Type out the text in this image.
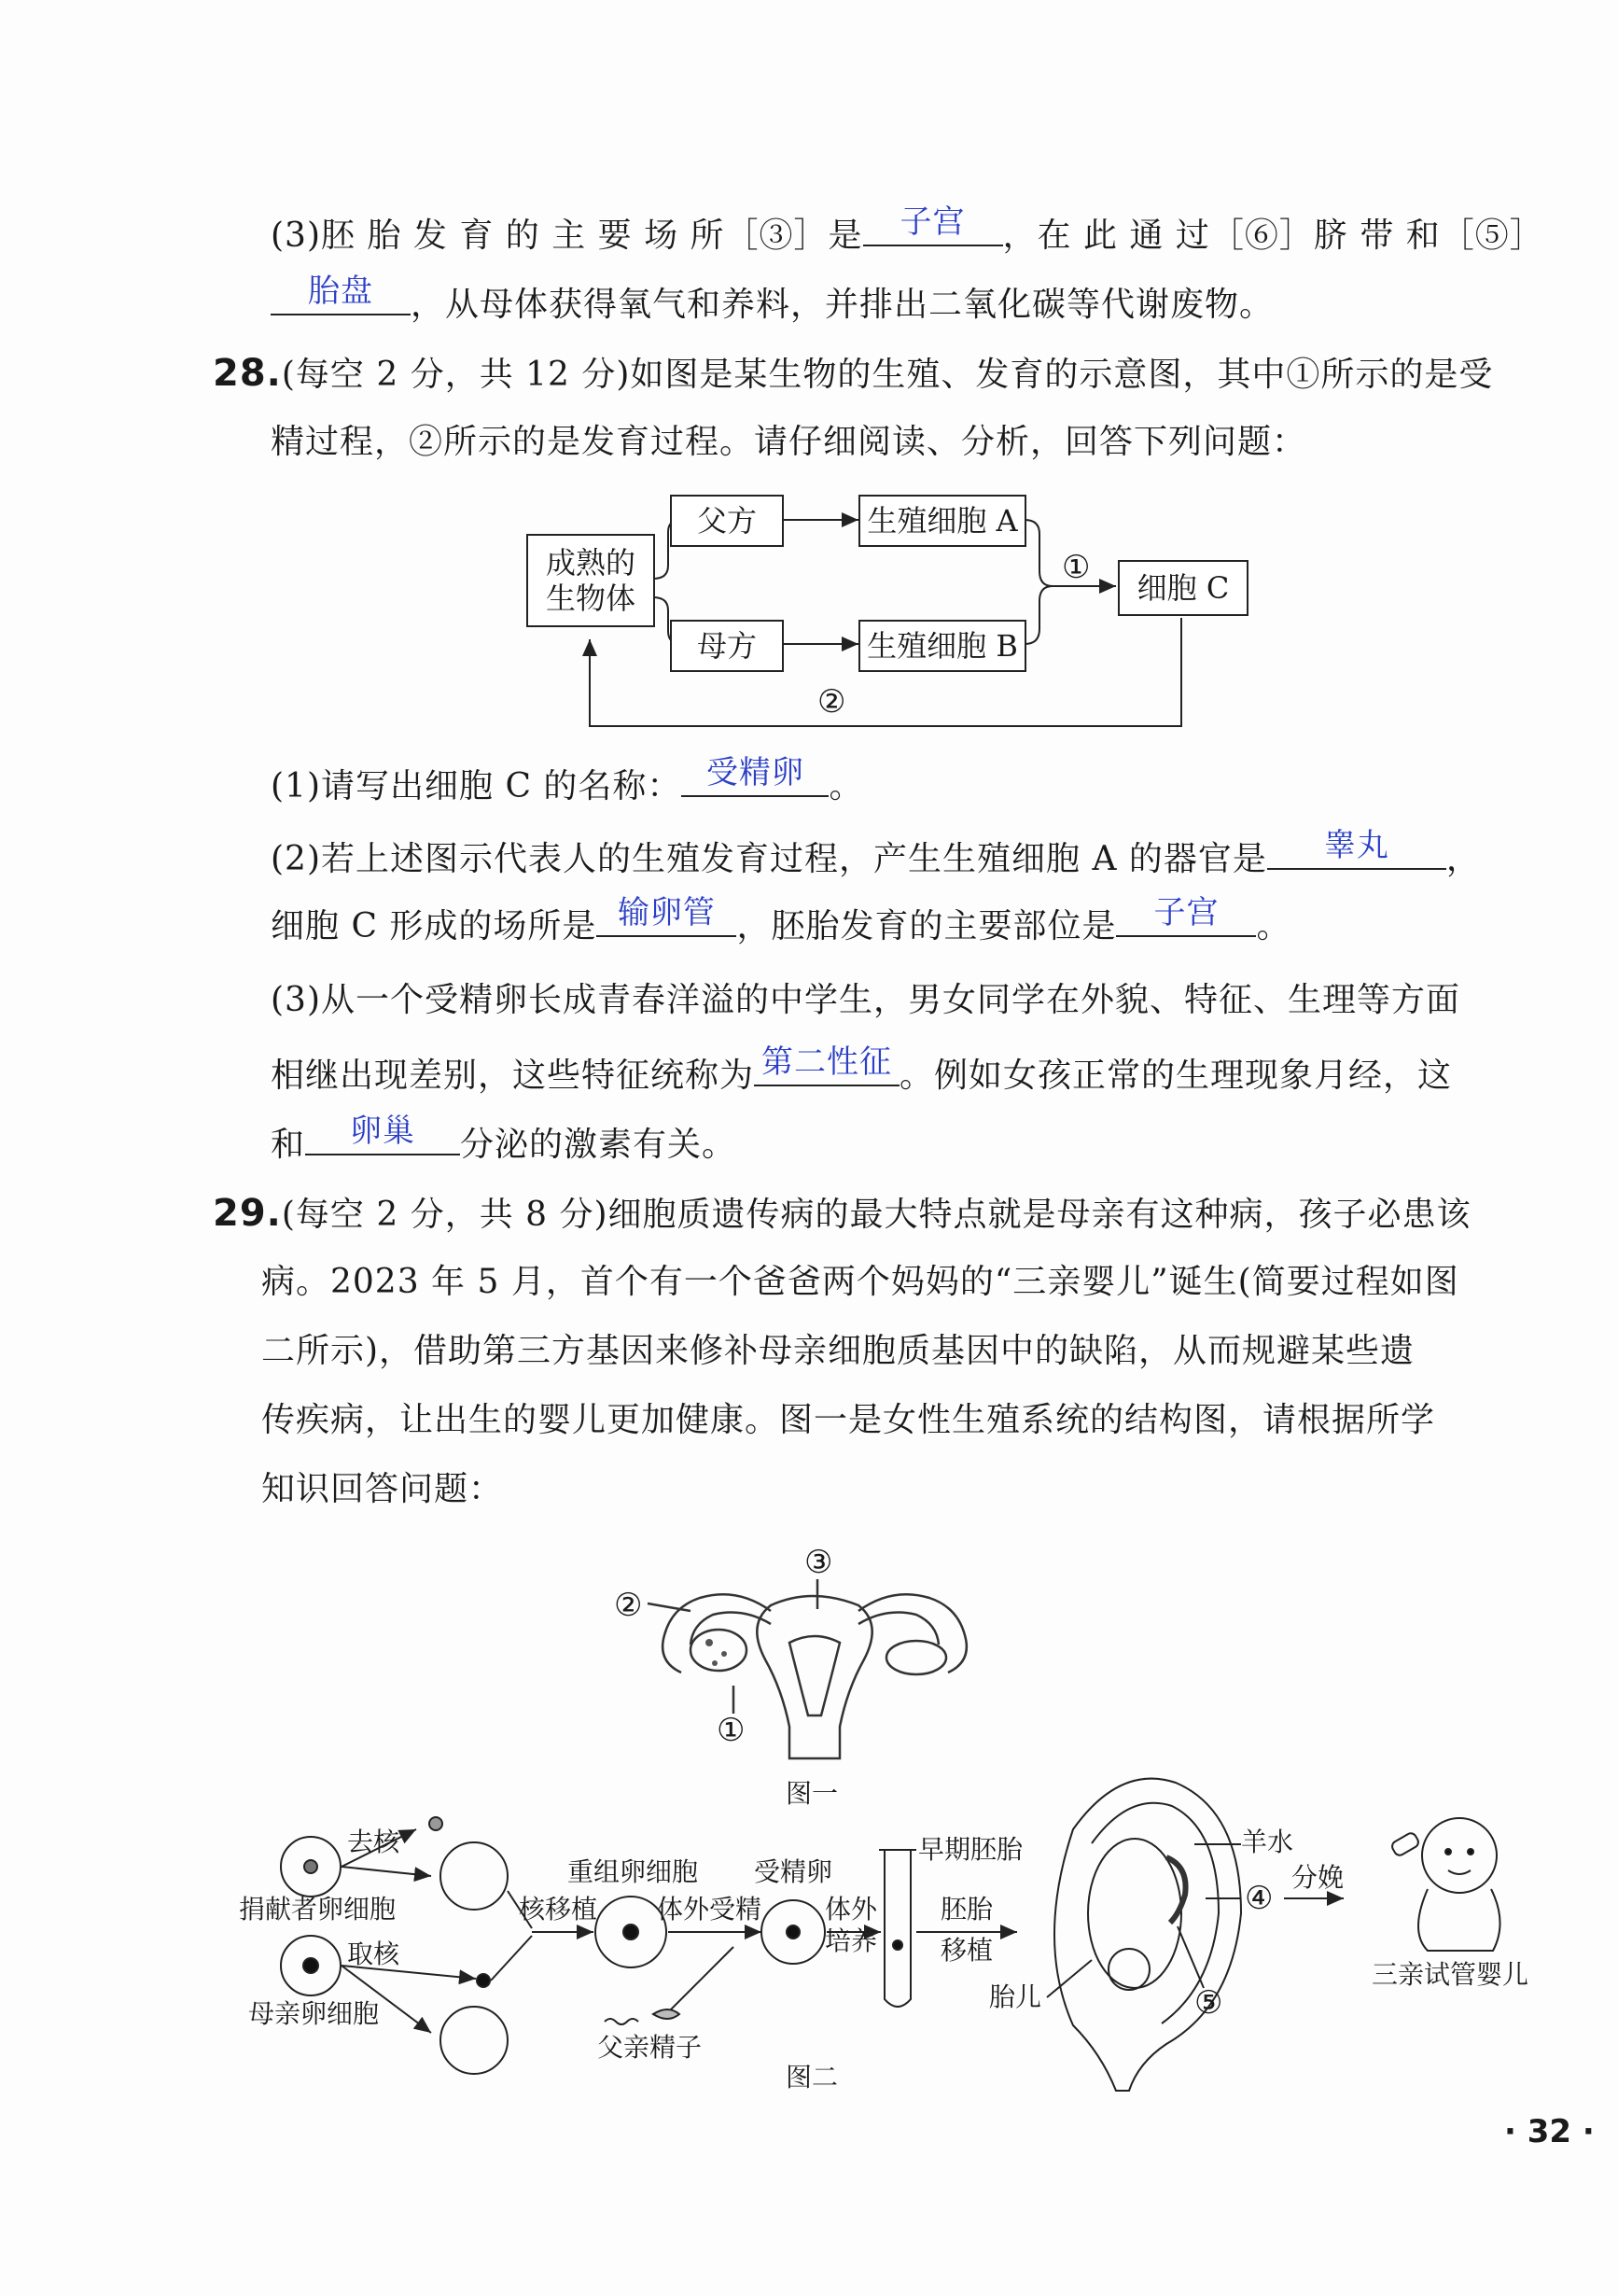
(3)胚 胎 发 育 的 主 要 场 所［③］是	子宫	，在 此 通 过［⑥］脐 带 和［⑤］
胎盘	，从母体获得氧气和养料，并排出二氧化碳等代谢废物。
28.(每空 2 分，共 12 分)如图是某生物的生殖、发育的示意图，其中①所示的是受
精过程，②所示的是发育过程。请仔细阅读、分析，回答下列问题：
成熟的生物体
父方
母方
生殖细胞 A
生殖细胞 B
细胞 C
①
②
(1)请写出细胞 C 的名称： 受精卵 。
(2)若上述图示代表人的生殖发育过程，产生生殖细胞 A 的器官是	睾丸	，
细胞 C 形成的场所是 输卵管 ，胚胎发育的主要部位是	子宫	。
(3)从一个受精卵长成青春洋溢的中学生，男女同学在外貌、特征、生理等方面
相继出现差别，这些特征统称为 第二性征 。例如女孩正常的生理现象月经，这
和	卵巢	分泌的激素有关。
29.(每空 2 分，共 8 分)细胞质遗传病的最大特点就是母亲有这种病，孩子必患该
病。2023 年 5 月，首个有一个爸爸两个妈妈的“三亲婴儿”诞生(简要过程如图
二所示)，借助第三方基因来修补母亲细胞质基因中的缺陷，从而规避某些遗
传疾病，让出生的婴儿更加健康。图一是女性生殖系统的结构图，请根据所学
知识回答问题：
②
③
①
图一
捐献者卵细胞
去核
取核
母亲卵细胞
核移植
重组卵细胞
体外受精
受精卵
体外
培养
早期胚胎
胚胎
移植
父亲精子
羊水
④
⑤
胎儿
分娩
三亲试管婴儿
图二
· 32 ·
